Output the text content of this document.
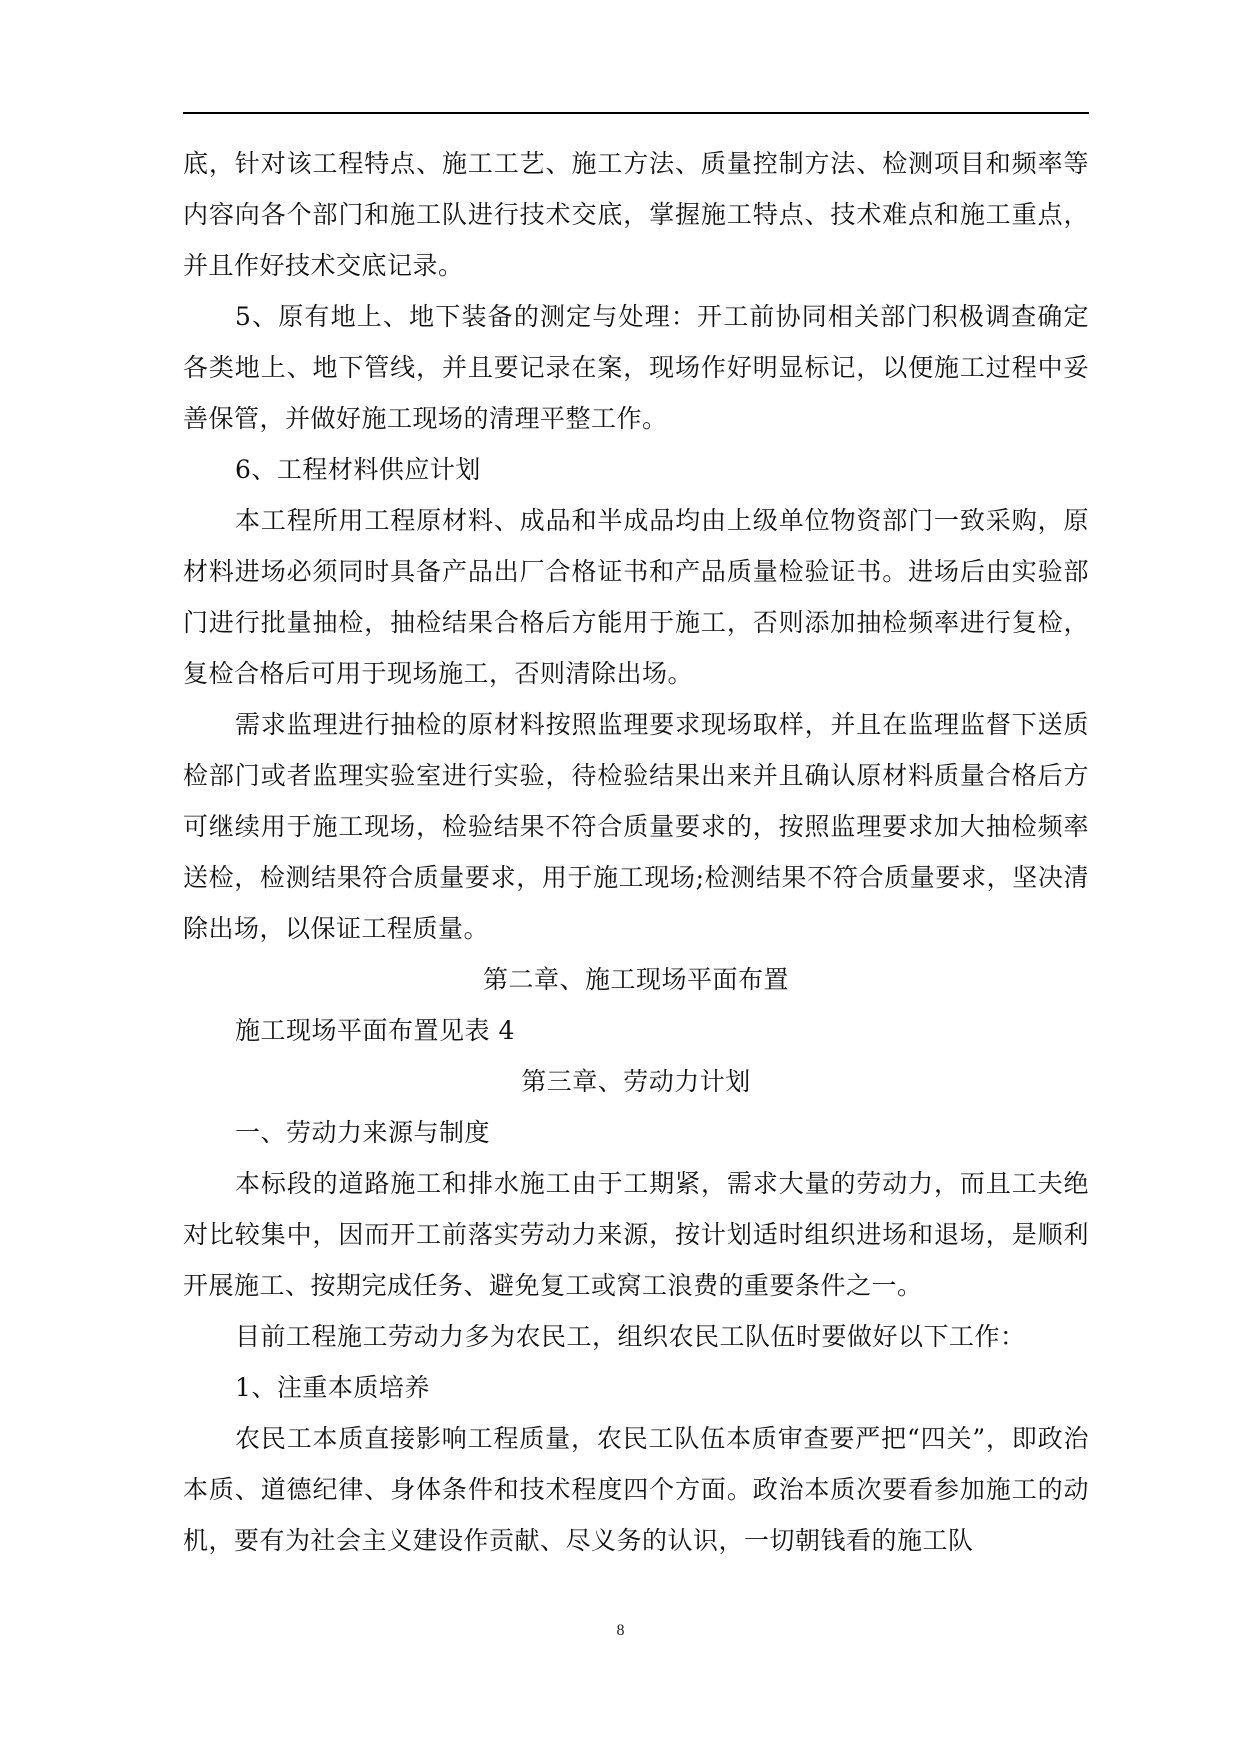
底，针对该工程特点、施工工艺、施工方法、质量控制方法、检测项目和频率等内容向各个部门和施工队进行技术交底，掌握施工特点、技术难点和施工重点，并且作好技术交底记录。

5、原有地上、地下装备的测定与处理：开工前协同相关部门积极调查确定各类地上、地下管线，并且要记录在案，现场作好明显标记，以便施工过程中妥善保管，并做好施工现场的清理平整工作。

6、工程材料供应计划

本工程所用工程原材料、成品和半成品均由上级单位物资部门一致采购，原材料进场必须同时具备产品出厂合格证书和产品质量检验证书。进场后由实验部门进行批量抽检，抽检结果合格后方能用于施工，否则添加抽检频率进行复检，复检合格后可用于现场施工，否则清除出场。

需求监理进行抽检的原材料按照监理要求现场取样，并且在监理监督下送质检部门或者监理实验室进行实验，待检验结果出来并且确认原材料质量合格后方可继续用于施工现场，检验结果不符合质量要求的，按照监理要求加大抽检频率送检，检测结果符合质量要求，用于施工现场;检测结果不符合质量要求，坚决清除出场，以保证工程质量。

第二章、施工现场平面布置

施工现场平面布置见表 4

第三章、劳动力计划

一、劳动力来源与制度

本标段的道路施工和排水施工由于工期紧，需求大量的劳动力，而且工夫绝对比较集中，因而开工前落实劳动力来源，按计划适时组织进场和退场，是顺利开展施工、按期完成任务、避免复工或窝工浪费的重要条件之一。

目前工程施工劳动力多为农民工，组织农民工队伍时要做好以下工作：

1、注重本质培养

农民工本质直接影响工程质量，农民工队伍本质审查要严把“四关”，即政治本质、道德纪律、身体条件和技术程度四个方面。政治本质次要看参加施工的动机，要有为社会主义建设作贡献、尽义务的认识，一切朝钱看的施工队

8
